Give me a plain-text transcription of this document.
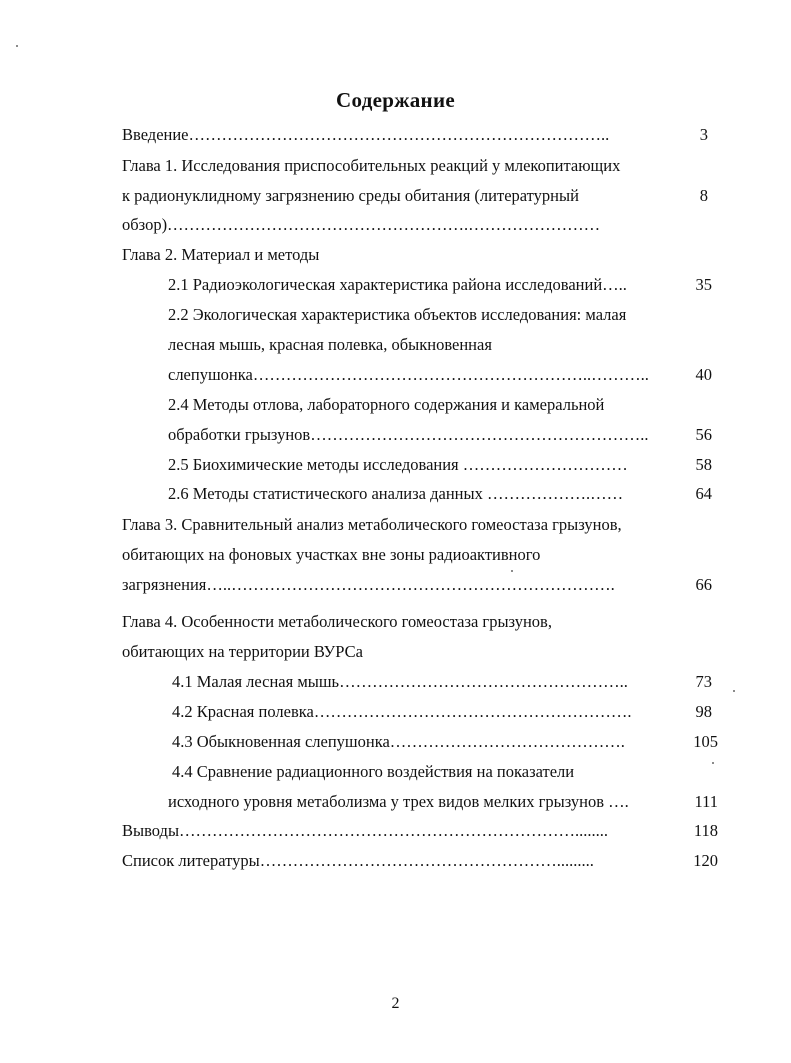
Содержание
Введение…………………………………………………………………..	3
Глава 1. Исследования приспособительных реакций у млекопитающих
к радионуклидному загрязнению среды обитания (литературный	8
обзор)……………………………………………….……………………
Глава 2. Материал и методы
2.1 Радиоэкологическая характеристика района исследований…..	35
2.2 Экологическая характеристика объектов исследования: малая
лесная мышь, красная полевка, обыкновенная
слепушонка……………………………………………………..………..	40
2.4 Методы отлова, лабораторного содержания и камеральной
обработки грызунов……………………………………………………..	56
2.5 Биохимические методы исследования …………………………	58
2.6 Методы статистического анализа данных ……………….……	64
Глава 3. Сравнительный анализ метаболического гомеостаза грызунов,
обитающих на фоновых участках вне зоны радиоактивного
загрязнения…..…………………………………………………………….	66
Глава 4. Особенности метаболического гомеостаза грызунов,
обитающих на территории ВУРСа
4.1 Малая лесная мышь……………………………………………..	73
4.2 Красная полевка………………………………………………….	98
4.3 Обыкновенная слепушонка…………………………………….	105
4.4 Сравнение радиационного воздействия на показатели
исходного уровня метаболизма у трех видов мелких грызунов ….	111
Выводы………………………………………………………………........	118
Список литературы……………………………………………….........	120
2
